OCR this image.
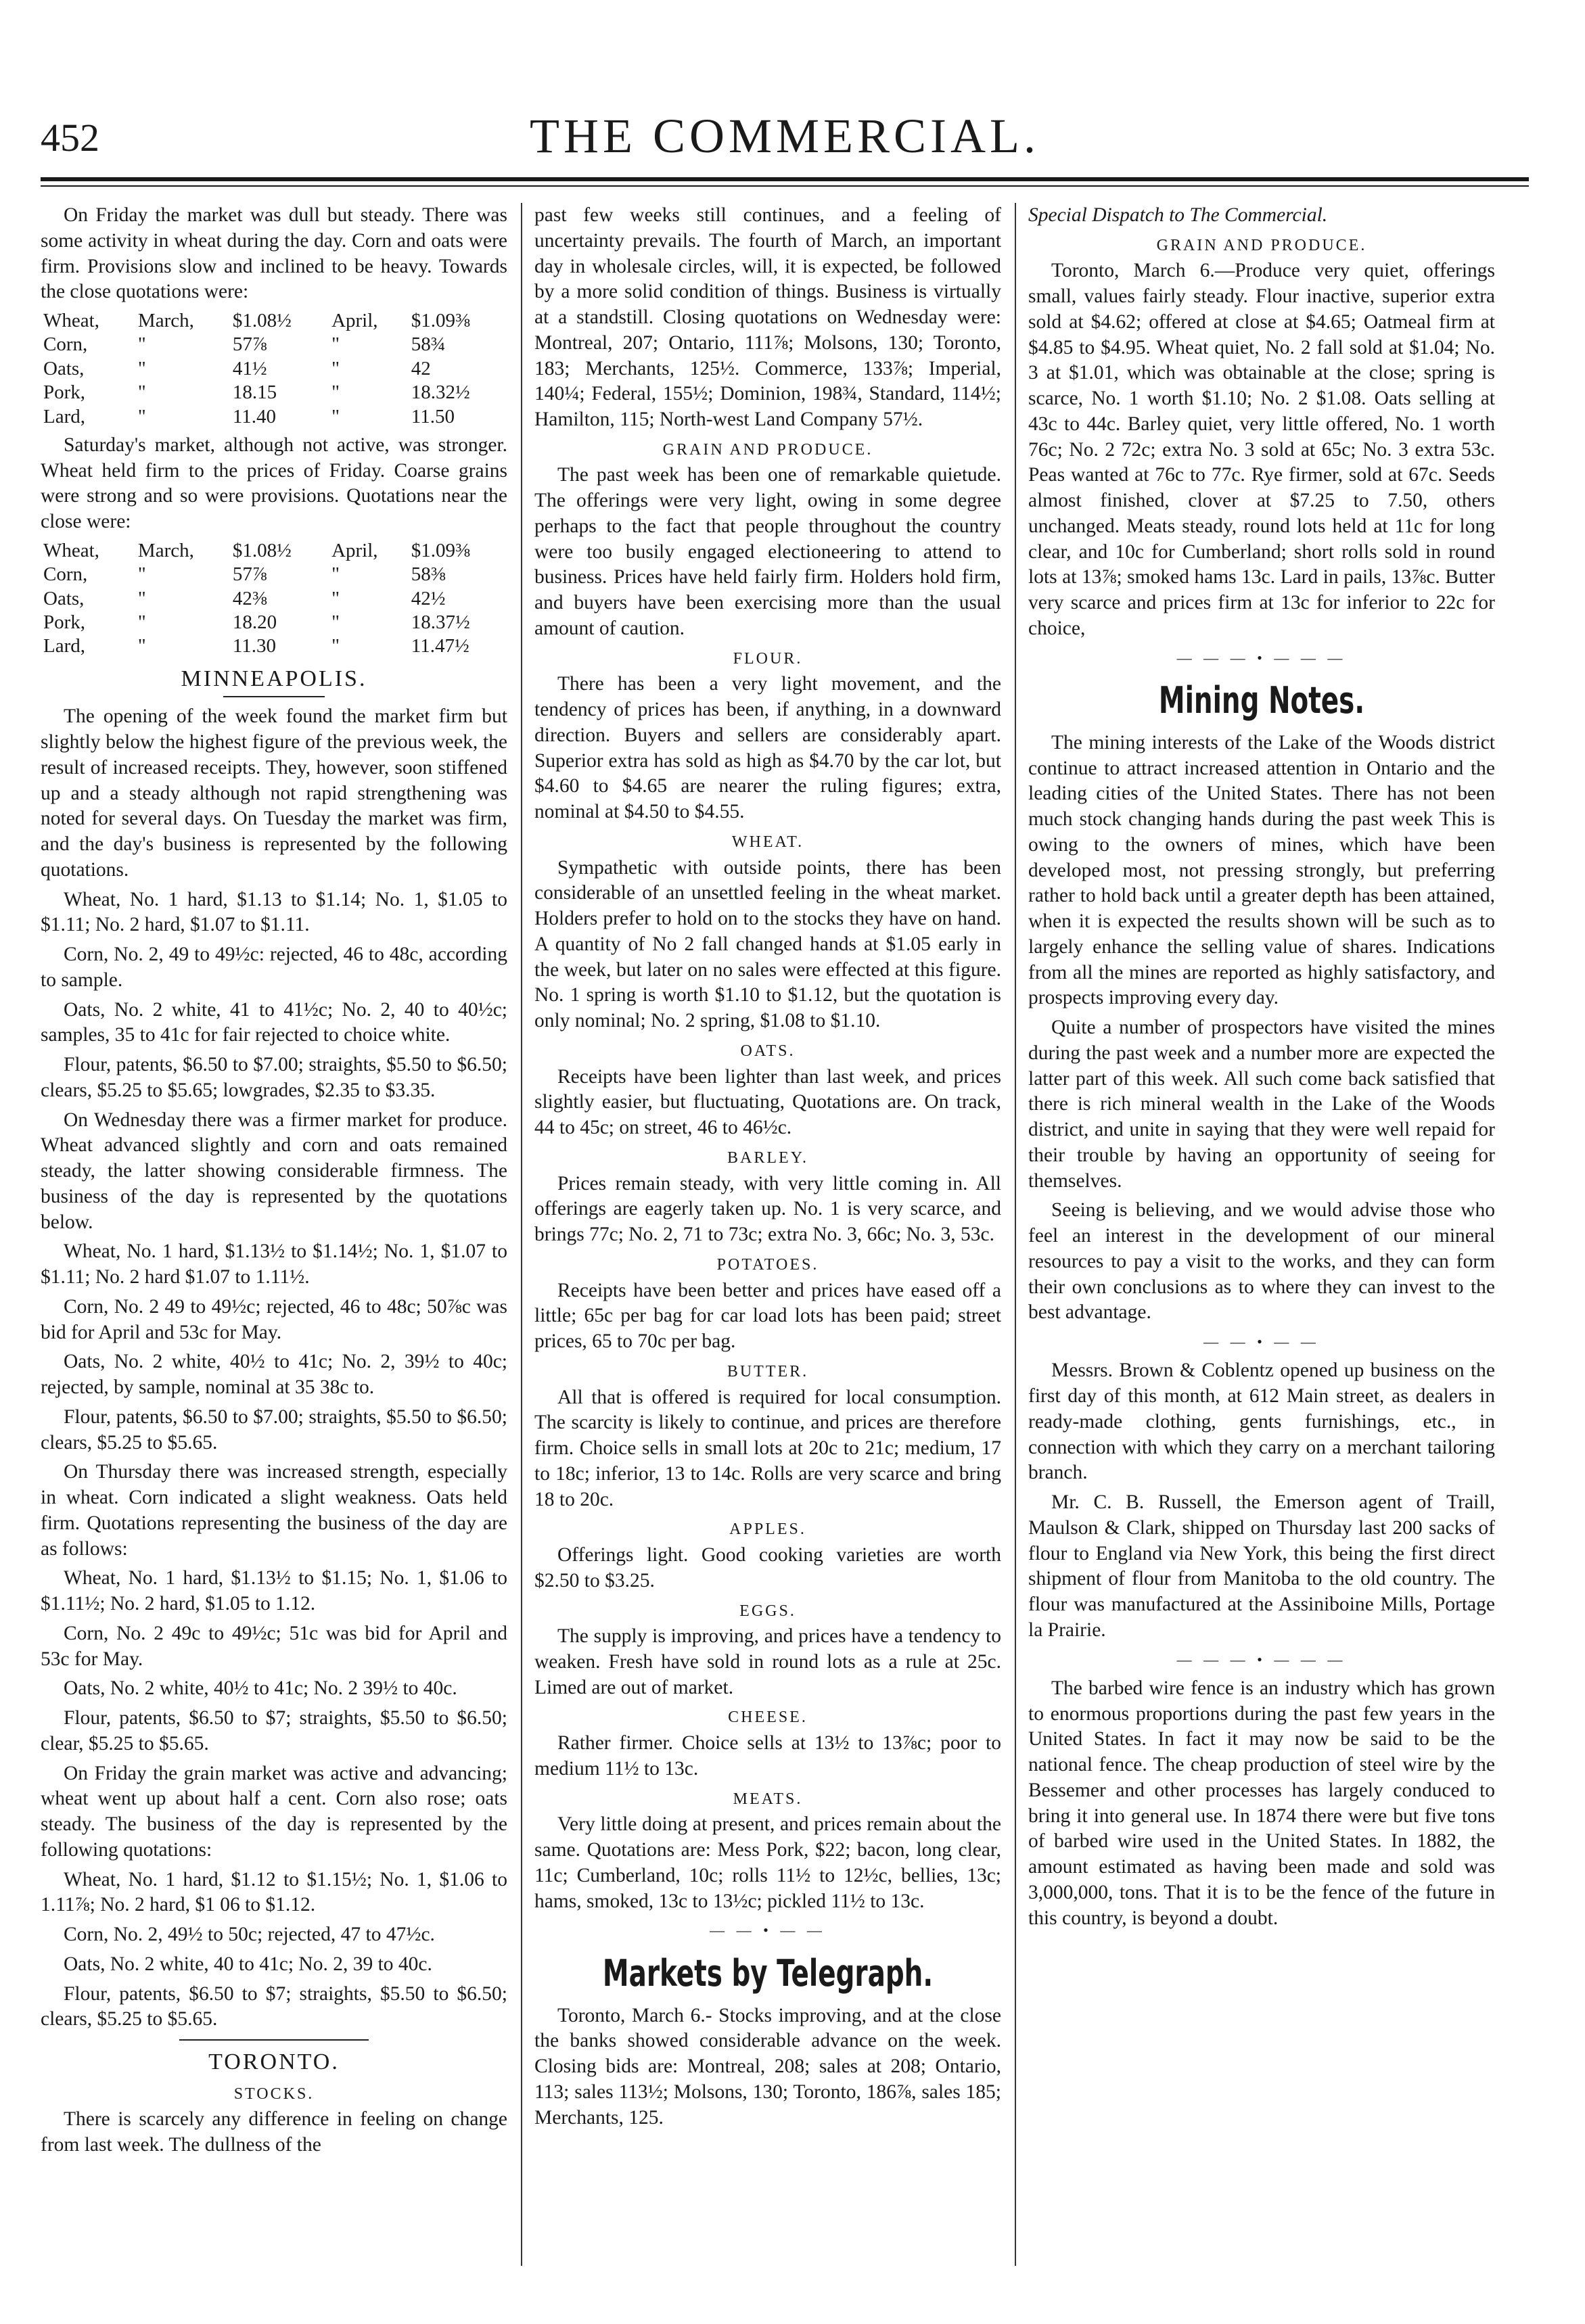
452	THE COMMERCIAL.

On Friday the market was dull but steady. There was some activity in wheat during the day. Corn and oats were firm. Provisions slow and inclined to be heavy. Towards the close quotations were:

Wheat,	March,	$1.08½	April,	$1.09⅜
Corn,	"	57⅞	"	58¾
Oats,	"	41½	"	42
Pork,	"	18.15	"	18.32½
Lard,	"	11.40	"	11.50

Saturday's market, although not active, was stronger. Wheat held firm to the prices of Friday. Coarse grains were strong and so were provisions. Quotations near the close were:

Wheat,	March,	$1.08½	April,	$1.09⅜
Corn,	"	57⅞	"	58⅜
Oats,	"	42⅜	"	42½
Pork,	"	18.20	"	18.37½
Lard,	"	11.30	"	11.47½
MINNEAPOLIS.

The opening of the week found the market firm but slightly below the highest figure of the previous week, the result of increased receipts. They, however, soon stiffened up and a steady although not rapid strengthening was noted for several days. On Tuesday the market was firm, and the day's business is represented by the following quotations.

Wheat, No. 1 hard, $1.13 to $1.14; No. 1, $1.05 to $1.11; No. 2 hard, $1.07 to $1.11.

Corn, No. 2, 49 to 49½c: rejected, 46 to 48c, according to sample.

Oats, No. 2 white, 41 to 41½c; No. 2, 40 to 40½c; samples, 35 to 41c for fair rejected to choice white.

Flour, patents, $6.50 to $7.00; straights, $5.50 to $6.50; clears, $5.25 to $5.65; lowgrades, $2.35 to $3.35.

On Wednesday there was a firmer market for produce. Wheat advanced slightly and corn and oats remained steady, the latter showing considerable firmness. The business of the day is represented by the quotations below.

Wheat, No. 1 hard, $1.13½ to $1.14½; No. 1, $1.07 to $1.11; No. 2 hard $1.07 to 1.11½.

Corn, No. 2 49 to 49½c; rejected, 46 to 48c; 50⅞c was bid for April and 53c for May.

Oats, No. 2 white, 40½ to 41c; No. 2, 39½ to 40c; rejected, by sample, nominal at 35 38c to.

Flour, patents, $6.50 to $7.00; straights, $5.50 to $6.50; clears, $5.25 to $5.65.

On Thursday there was increased strength, especially in wheat. Corn indicated a slight weakness. Oats held firm. Quotations representing the business of the day are as follows:

Wheat, No. 1 hard, $1.13½ to $1.15; No. 1, $1.06 to $1.11½; No. 2 hard, $1.05 to 1.12.

Corn, No. 2 49c to 49½c; 51c was bid for April and 53c for May.

Oats, No. 2 white, 40½ to 41c; No. 2 39½ to 40c.

Flour, patents, $6.50 to $7; straights, $5.50 to $6.50; clear, $5.25 to $5.65.

On Friday the grain market was active and advancing; wheat went up about half a cent. Corn also rose; oats steady. The business of the day is represented by the following quotations:

Wheat, No. 1 hard, $1.12 to $1.15½; No. 1, $1.06 to 1.11⅞; No. 2 hard, $1 06 to $1.12.

Corn, No. 2, 49½ to 50c; rejected, 47 to 47½c.

Oats, No. 2 white, 40 to 41c; No. 2, 39 to 40c.

Flour, patents, $6.50 to $7; straights, $5.50 to $6.50; clears, $5.25 to $5.65.

TORONTO.
STOCKS.

There is scarcely any difference in feeling on change from last week. The dullness of the

past few weeks still continues, and a feeling of uncertainty prevails. The fourth of March, an important day in wholesale circles, will, it is expected, be followed by a more solid condition of things. Business is virtually at a standstill. Closing quotations on Wednesday were: Montreal, 207; Ontario, 111⅞; Molsons, 130; Toronto, 183; Merchants, 125½. Commerce, 133⅞; Imperial, 140¼; Federal, 155½; Dominion, 198¾, Standard, 114½; Hamilton, 115; North-west Land Company 57½.

GRAIN AND PRODUCE.

The past week has been one of remarkable quietude. The offerings were very light, owing in some degree perhaps to the fact that people throughout the country were too busily engaged electioneering to attend to business. Prices have held fairly firm. Holders hold firm, and buyers have been exercising more than the usual amount of caution.

FLOUR.

There has been a very light movement, and the tendency of prices has been, if anything, in a downward direction. Buyers and sellers are considerably apart. Superior extra has sold as high as $4.70 by the car lot, but $4.60 to $4.65 are nearer the ruling figures; extra, nominal at $4.50 to $4.55.

WHEAT.

Sympathetic with outside points, there has been considerable of an unsettled feeling in the wheat market. Holders prefer to hold on to the stocks they have on hand. A quantity of No 2 fall changed hands at $1.05 early in the week, but later on no sales were effected at this figure. No. 1 spring is worth $1.10 to $1.12, but the quotation is only nominal; No. 2 spring, $1.08 to $1.10.

OATS.

Receipts have been lighter than last week, and prices slightly easier, but fluctuating, Quotations are. On track, 44 to 45c; on street, 46 to 46½c.

BARLEY.

Prices remain steady, with very little coming in. All offerings are eagerly taken up. No. 1 is very scarce, and brings 77c; No. 2, 71 to 73c; extra No. 3, 66c; No. 3, 53c.

POTATOES.

Receipts have been better and prices have eased off a little; 65c per bag for car load lots has been paid; street prices, 65 to 70c per bag.

BUTTER.

All that is offered is required for local consumption. The scarcity is likely to continue, and prices are therefore firm. Choice sells in small lots at 20c to 21c; medium, 17 to 18c; inferior, 13 to 14c. Rolls are very scarce and bring 18 to 20c.

APPLES.

Offerings light. Good cooking varieties are worth $2.50 to $3.25.

EGGS.

The supply is improving, and prices have a tendency to weaken. Fresh have sold in round lots as a rule at 25c. Limed are out of market.

CHEESE.

Rather firmer. Choice sells at 13½ to 13⅞c; poor to medium 11½ to 13c.

MEATS.

Very little doing at present, and prices remain about the same. Quotations are: Mess Pork, $22; bacon, long clear, 11c; Cumberland, 10c; rolls 11½ to 12½c, bellies, 13c; hams, smoked, 13c to 13½c; pickled 11½ to 13c.

— — • — —
Markets by Telegraph.

Toronto, March 6.- Stocks improving, and at the close the banks showed considerable advance on the week. Closing bids are: Montreal, 208; sales at 208; Ontario, 113; sales 113½; Molsons, 130; Toronto, 186⅞, sales 185; Merchants, 125.

Special Dispatch to The Commercial.
GRAIN AND PRODUCE.

Toronto, March 6.—Produce very quiet, offerings small, values fairly steady. Flour inactive, superior extra sold at $4.62; offered at close at $4.65; Oatmeal firm at $4.85 to $4.95. Wheat quiet, No. 2 fall sold at $1.04; No. 3 at $1.01, which was obtainable at the close; spring is scarce, No. 1 worth $1.10; No. 2 $1.08. Oats selling at 43c to 44c. Barley quiet, very little offered, No. 1 worth 76c; No. 2 72c; extra No. 3 sold at 65c; No. 3 extra 53c. Peas wanted at 76c to 77c. Rye firmer, sold at 67c. Seeds almost finished, clover at $7.25 to 7.50, others unchanged. Meats steady, round lots held at 11c for long clear, and 10c for Cumberland; short rolls sold in round lots at 13⅞; smoked hams 13c. Lard in pails, 13⅞c. Butter very scarce and prices firm at 13c for inferior to 22c for choice,

— — — • — — —
Mining Notes.

The mining interests of the Lake of the Woods district continue to attract increased attention in Ontario and the leading cities of the United States. There has not been much stock changing hands during the past week This is owing to the owners of mines, which have been developed most, not pressing strongly, but preferring rather to hold back until a greater depth has been attained, when it is expected the results shown will be such as to largely enhance the selling value of shares. Indications from all the mines are reported as highly satisfactory, and prospects improving every day.

Quite a number of prospectors have visited the mines during the past week and a number more are expected the latter part of this week. All such come back satisfied that there is rich mineral wealth in the Lake of the Woods district, and unite in saying that they were well repaid for their trouble by having an opportunity of seeing for themselves.

Seeing is believing, and we would advise those who feel an interest in the development of our mineral resources to pay a visit to the works, and they can form their own conclusions as to where they can invest to the best advantage.

— — • — —

Messrs. Brown & Coblentz opened up business on the first day of this month, at 612 Main street, as dealers in ready-made clothing, gents furnishings, etc., in connection with which they carry on a merchant tailoring branch.

Mr. C. B. Russell, the Emerson agent of Traill, Maulson & Clark, shipped on Thursday last 200 sacks of flour to England via New York, this being the first direct shipment of flour from Manitoba to the old country. The flour was manufactured at the Assiniboine Mills, Portage la Prairie.

— — — • — — —

The barbed wire fence is an industry which has grown to enormous proportions during the past few years in the United States. In fact it may now be said to be the national fence. The cheap production of steel wire by the Bessemer and other processes has largely conduced to bring it into general use. In 1874 there were but five tons of barbed wire used in the United States. In 1882, the amount estimated as having been made and sold was 3,000,000, tons. That it is to be the fence of the future in this country, is beyond a doubt.
